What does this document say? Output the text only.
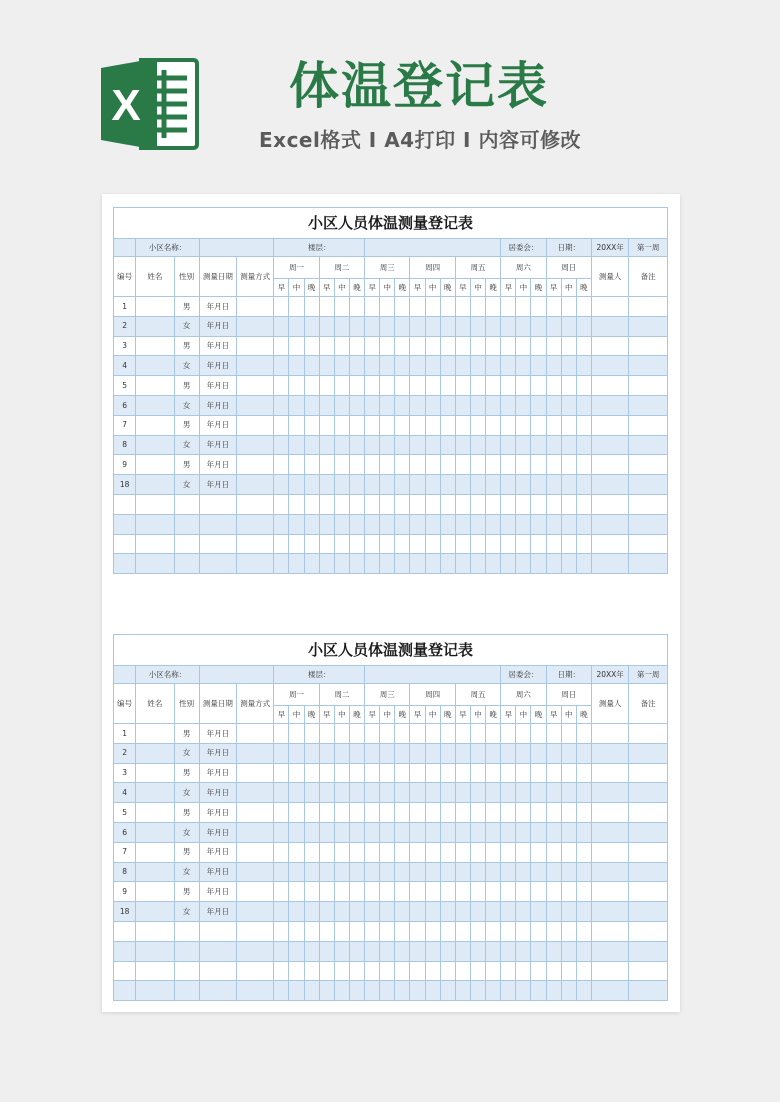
X	体温登记表
Excel格式 I A4打印 I 内容可修改
小区人员体温测量登记表																											
	小区名称：				楼层：															居委会：			日期：			20XX年	第一周
编号	姓名	性别	测量日期	测量方式	周一			周二			周三			周四			周五			周六			周日			测量人	备注
					早	中	晚	早	中	晚	早	中	晚	早	中	晚	早	中	晚	早	中	晚	早	中	晚		
1		男	年月日																								
2		女	年月日																								
3		男	年月日																								
4		女	年月日																								
5		男	年月日																								
6		女	年月日																								
7		男	年月日																								
8		女	年月日																								
9		男	年月日																								
18		女	年月日																								

小区人员体温测量登记表																											
	小区名称：				楼层：															居委会：			日期：			20XX年	第一周
编号	姓名	性别	测量日期	测量方式	周一			周二			周三			周四			周五			周六			周日			测量人	备注
					早	中	晚	早	中	晚	早	中	晚	早	中	晚	早	中	晚	早	中	晚	早	中	晚		
1		男	年月日																								
2		女	年月日																								
3		男	年月日																								
4		女	年月日																								
5		男	年月日																								
6		女	年月日																								
7		男	年月日																								
8		女	年月日																								
9		男	年月日																								
18		女	年月日																								
